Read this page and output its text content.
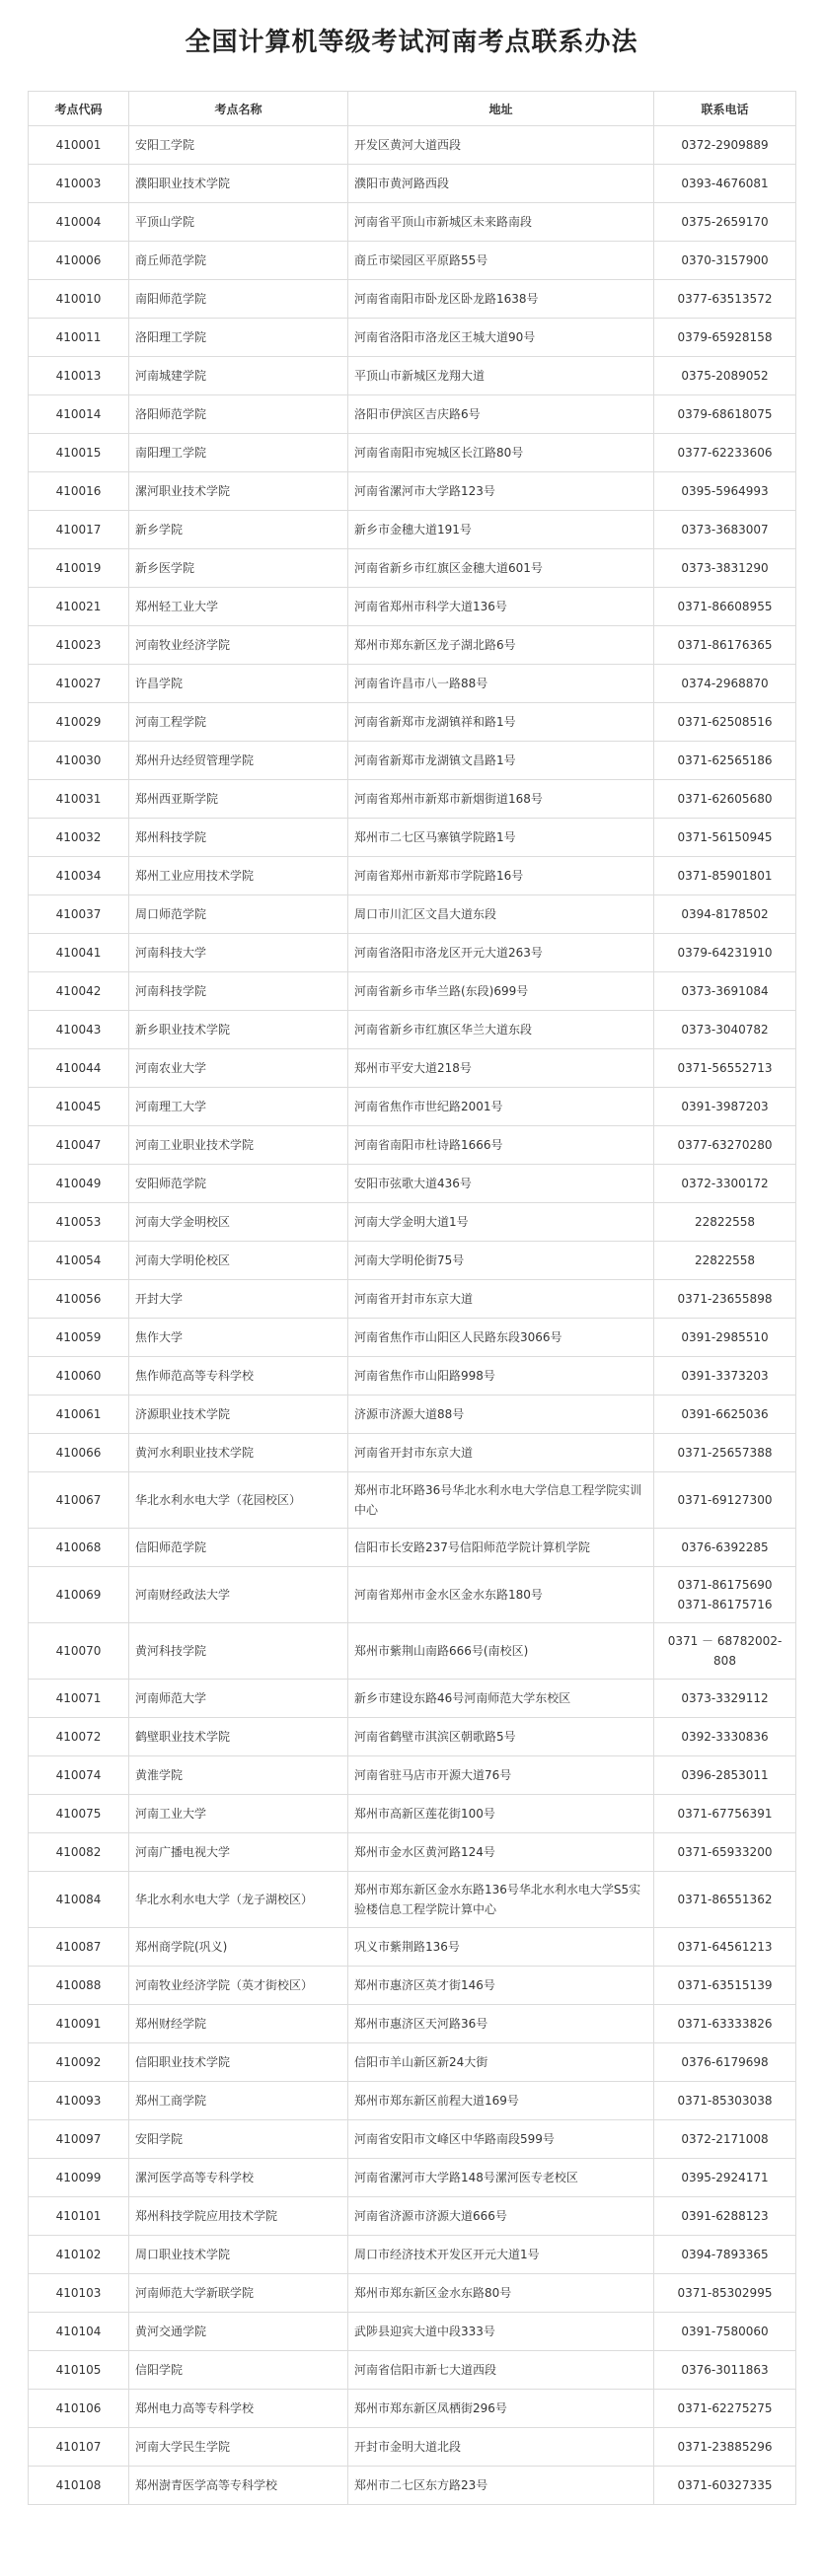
全国计算机等级考试河南考点联系办法
考点代码	考点名称	地址	联系电话
410001	安阳工学院	开发区黄河大道西段	0372-2909889
410003	濮阳职业技术学院	濮阳市黄河路西段	0393-4676081
410004	平顶山学院	河南省平顶山市新城区未来路南段	0375-2659170
410006	商丘师范学院	商丘市梁园区平原路55号	0370-3157900
410010	南阳师范学院	河南省南阳市卧龙区卧龙路1638号	0377-63513572
410011	洛阳理工学院	河南省洛阳市洛龙区王城大道90号	0379-65928158
410013	河南城建学院	平顶山市新城区龙翔大道	0375-2089052
410014	洛阳师范学院	洛阳市伊滨区吉庆路6号	0379-68618075
410015	南阳理工学院	河南省南阳市宛城区长江路80号	0377-62233606
410016	漯河职业技术学院	河南省漯河市大学路123号	0395-5964993
410017	新乡学院	新乡市金穗大道191号	0373-3683007
410019	新乡医学院	河南省新乡市红旗区金穗大道601号	0373-3831290
410021	郑州轻工业大学	河南省郑州市科学大道136号	0371-86608955
410023	河南牧业经济学院	郑州市郑东新区龙子湖北路6号	0371-86176365
410027	许昌学院	河南省许昌市八一路88号	0374-2968870
410029	河南工程学院	河南省新郑市龙湖镇祥和路1号	0371-62508516
410030	郑州升达经贸管理学院	河南省新郑市龙湖镇文昌路1号	0371-62565186
410031	郑州西亚斯学院	河南省郑州市新郑市新烟街道168号	0371-62605680
410032	郑州科技学院	郑州市二七区马寨镇学院路1号	0371-56150945
410034	郑州工业应用技术学院	河南省郑州市新郑市学院路16号	0371-85901801
410037	周口师范学院	周口市川汇区文昌大道东段	0394-8178502
410041	河南科技大学	河南省洛阳市洛龙区开元大道263号	0379-64231910
410042	河南科技学院	河南省新乡市华兰路(东段)699号	0373-3691084
410043	新乡职业技术学院	河南省新乡市红旗区华兰大道东段	0373-3040782
410044	河南农业大学	郑州市平安大道218号	0371-56552713
410045	河南理工大学	河南省焦作市世纪路2001号	0391-3987203
410047	河南工业职业技术学院	河南省南阳市杜诗路1666号	0377-63270280
410049	安阳师范学院	安阳市弦歌大道436号	0372-3300172
410053	河南大学金明校区	河南大学金明大道1号	22822558
410054	河南大学明伦校区	河南大学明伦街75号	22822558
410056	开封大学	河南省开封市东京大道	0371-23655898
410059	焦作大学	河南省焦作市山阳区人民路东段3066号	0391-2985510
410060	焦作师范高等专科学校	河南省焦作市山阳路998号	0391-3373203
410061	济源职业技术学院	济源市济源大道88号	0391-6625036
410066	黄河水利职业技术学院	河南省开封市东京大道	0371-25657388
410067	华北水利水电大学（花园校区）	郑州市北环路36号华北水利水电大学信息工程学院实训中心	0371-69127300
410068	信阳师范学院	信阳市长安路237号信阳师范学院计算机学院	0376-6392285
410069	河南财经政法大学	河南省郑州市金水区金水东路180号	0371-86175690 0371-86175716
410070	黄河科技学院	郑州市紫荆山南路666号(南校区)	0371 － 68782002-808
410071	河南师范大学	新乡市建设东路46号河南师范大学东校区	0373-3329112
410072	鹤壁职业技术学院	河南省鹤壁市淇滨区朝歌路5号	0392-3330836
410074	黄淮学院	河南省驻马店市开源大道76号	0396-2853011
410075	河南工业大学	郑州市高新区莲花街100号	0371-67756391
410082	河南广播电视大学	郑州市金水区黄河路124号	0371-65933200
410084	华北水利水电大学（龙子湖校区）	郑州市郑东新区金水东路136号华北水利水电大学S5实验楼信息工程学院计算中心	0371-86551362
410087	郑州商学院(巩义)	巩义市紫荆路136号	0371-64561213
410088	河南牧业经济学院（英才街校区）	郑州市惠济区英才街146号	0371-63515139
410091	郑州财经学院	郑州市惠济区天河路36号	0371-63333826
410092	信阳职业技术学院	信阳市羊山新区新24大街	0376-6179698
410093	郑州工商学院	郑州市郑东新区前程大道169号	0371-85303038
410097	安阳学院	河南省安阳市文峰区中华路南段599号	0372-2171008
410099	漯河医学高等专科学校	河南省漯河市大学路148号漯河医专老校区	0395-2924171
410101	郑州科技学院应用技术学院	河南省济源市济源大道666号	0391-6288123
410102	周口职业技术学院	周口市经济技术开发区开元大道1号	0394-7893365
410103	河南师范大学新联学院	郑州市郑东新区金水东路80号	0371-85302995
410104	黄河交通学院	武陟县迎宾大道中段333号	0391-7580060
410105	信阳学院	河南省信阳市新七大道西段	0376-3011863
410106	郑州电力高等专科学校	郑州市郑东新区凤栖街296号	0371-62275275
410107	河南大学民生学院	开封市金明大道北段	0371-23885296
410108	郑州澍青医学高等专科学校	郑州市二七区东方路23号	0371-60327335
